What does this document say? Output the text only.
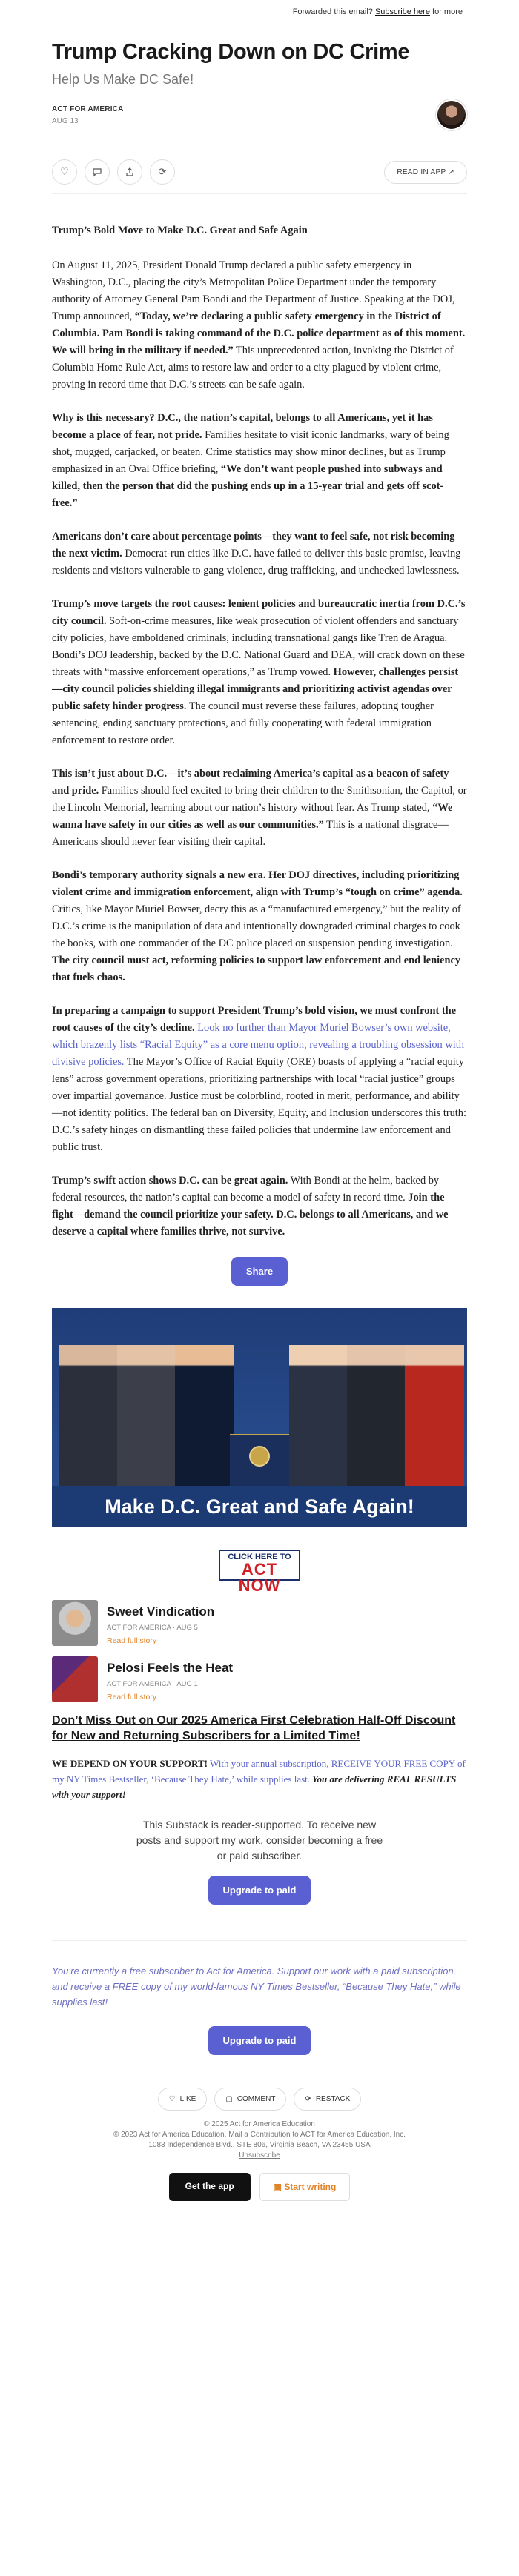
Forwarded this email? Subscribe here for more
Trump Cracking Down on DC Crime
Help Us Make DC Safe!
ACT FOR AMERICA
AUG 13
♡	⟳	READ IN APP ↗

Trump’s Bold Move to Make D.C. Great and Safe Again

On August 11, 2025, President Donald Trump declared a public safety emergency in Washington, D.C., placing the city’s Metropolitan Police Department under the temporary authority of Attorney General Pam Bondi and the Department of Justice. Speaking at the DOJ, Trump announced, “Today, we’re declaring a public safety emergency in the District of Columbia. Pam Bondi is taking command of the D.C. police department as of this moment. We will bring in the military if needed.” This unprecedented action, invoking the District of Columbia Home Rule Act, aims to restore law and order to a city plagued by violent crime, proving in record time that D.C.’s streets can be safe again.

Why is this necessary? D.C., the nation’s capital, belongs to all Americans, yet it has become a place of fear, not pride. Families hesitate to visit iconic landmarks, wary of being shot, mugged, carjacked, or beaten. Crime statistics may show minor declines, but as Trump emphasized in an Oval Office briefing, “We don’t want people pushed into subways and killed, then the person that did the pushing ends up in a 15-year trial and gets off scot-free.”

Americans don’t care about percentage points—they want to feel safe, not risk becoming the next victim. Democrat-run cities like D.C. have failed to deliver this basic promise, leaving residents and visitors vulnerable to gang violence, drug trafficking, and unchecked lawlessness.

Trump’s move targets the root causes: lenient policies and bureaucratic inertia from D.C.’s city council. Soft-on-crime measures, like weak prosecution of violent offenders and sanctuary city policies, have emboldened criminals, including transnational gangs like Tren de Aragua. Bondi’s DOJ leadership, backed by the D.C. National Guard and DEA, will crack down on these threats with “massive enforcement operations,” as Trump vowed. However, challenges persist—city council policies shielding illegal immigrants and prioritizing activist agendas over public safety hinder progress. The council must reverse these failures, adopting tougher sentencing, ending sanctuary protections, and fully cooperating with federal immigration enforcement to restore order.

This isn’t just about D.C.—it’s about reclaiming America’s capital as a beacon of safety and pride. Families should feel excited to bring their children to the Smithsonian, the Capitol, or the Lincoln Memorial, learning about our nation’s history without fear. As Trump stated, “We wanna have safety in our cities as well as our communities.” This is a national disgrace—Americans should never fear visiting their capital.

Bondi’s temporary authority signals a new era. Her DOJ directives, including prioritizing violent crime and immigration enforcement, align with Trump’s “tough on crime” agenda. Critics, like Mayor Muriel Bowser, decry this as a “manufactured emergency,” but the reality of D.C.’s crime is the manipulation of data and intentionally downgraded criminal charges to cook the books, with one commander of the DC police placed on suspension pending investigation. The city council must act, reforming policies to support law enforcement and end leniency that fuels chaos.

In preparing a campaign to support President Trump’s bold vision, we must confront the root causes of the city’s decline. Look no further than Mayor Muriel Bowser’s own website, which brazenly lists “Racial Equity” as a core menu option, revealing a troubling obsession with divisive policies. The Mayor’s Office of Racial Equity (ORE) boasts of applying a “racial equity lens” across government operations, prioritizing partnerships with local “racial justice” groups over impartial governance. Justice must be colorblind, rooted in merit, performance, and ability—not identity politics. The federal ban on Diversity, Equity, and Inclusion underscores this truth: D.C.’s safety hinges on dismantling these failed policies that undermine law enforcement and public trust.

Trump’s swift action shows D.C. can be great again. With Bondi at the helm, backed by federal resources, the nation’s capital can become a model of safety in record time. Join the fight—demand the council prioritize your safety. D.C. belongs to all Americans, and we deserve a capital where families thrive, not survive.

Share
Make D.C. Great and Safe Again!
CLICK HERE TO
ACT NOW
Sweet Vindication
ACT FOR AMERICA · AUG 5
Read full story
Pelosi Feels the Heat
ACT FOR AMERICA · AUG 1
Read full story
Don’t Miss Out on Our 2025 America First Celebration Half-Off Discount for New and Returning Subscribers for a Limited Time!

WE DEPEND ON YOUR SUPPORT! With your annual subscription, RECEIVE YOUR FREE COPY of my NY Times Bestseller, ‘Because They Hate,’ while supplies last. You are delivering REAL RESULTS with your support!

This Substack is reader-supported. To receive new posts and support my work, consider becoming a free or paid subscriber.
Upgrade to paid

You’re currently a free subscriber to Act for America. Support our work with a paid subscription and receive a FREE copy of my world-famous NY Times Bestseller, “Because They Hate,” while supplies last!

Upgrade to paid
♡ LIKE	▢ COMMENT	⟳ RESTACK
© 2025 Act for America Education
© 2023 Act for America Education, Mail a Contribution to ACT for America Education, Inc.
1083 Independence Blvd., STE 806, Virginia Beach, VA 23455 USA
Unsubscribe
Get the app	▣ Start writing
